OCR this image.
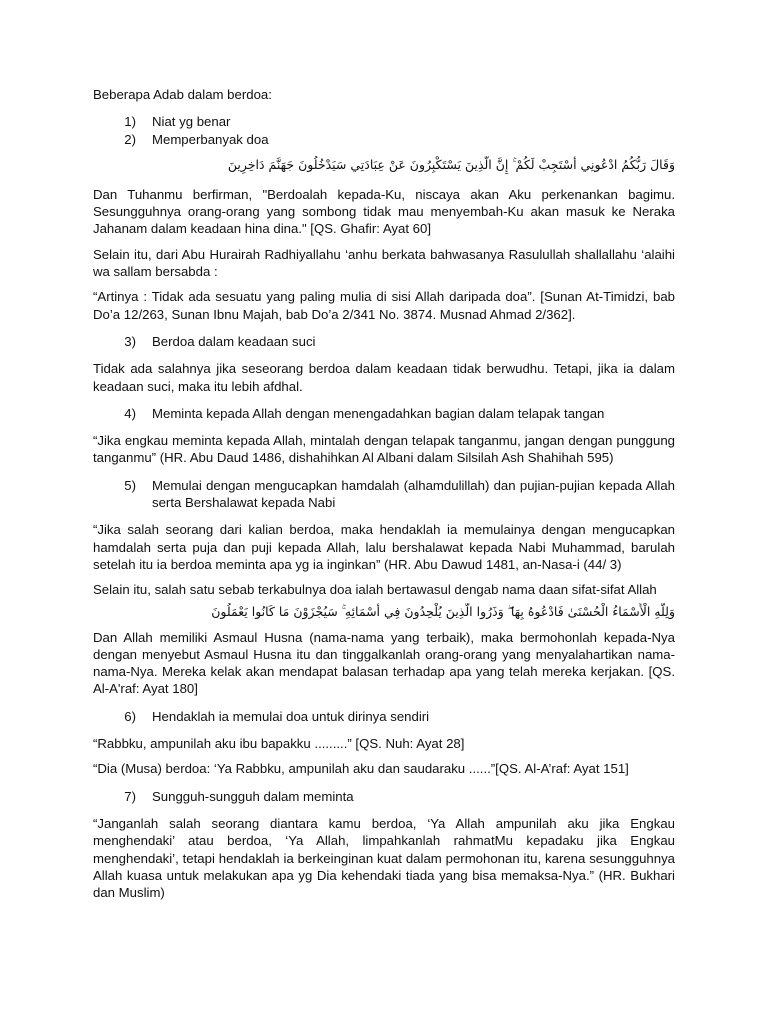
Beberapa Adab dalam berdoa:

1) Niat yg benar
2) Memperbanyak doa

وَقَالَ رَبُّكُمُ ادْعُونِي أَسْتَجِبْ لَكُمْ ۚ إِنَّ الَّذِينَ يَسْتَكْبِرُونَ عَنْ عِبَادَتِي سَيَدْخُلُونَ جَهَنَّمَ دَاخِرِينَ

Dan Tuhanmu berfirman, "Berdoalah kepada-Ku, niscaya akan Aku perkenankan bagimu. Sesungguhnya orang-orang yang sombong tidak mau menyembah-Ku akan masuk ke Neraka Jahanam dalam keadaan hina dina." [QS. Ghafir: Ayat 60]

Selain itu, dari Abu Hurairah Radhiyallahu ‘anhu berkata bahwasanya Rasulullah shallallahu ‘alaihi wa sallam bersabda :

“Artinya : Tidak ada sesuatu yang paling mulia di sisi Allah daripada doa”. [Sunan At-Timidzi, bab Do’a 12/263, Sunan Ibnu Majah, bab Do’a 2/341 No. 3874. Musnad Ahmad 2/362].

3) Berdoa dalam keadaan suci

Tidak ada salahnya jika seseorang berdoa dalam keadaan tidak berwudhu. Tetapi, jika ia dalam keadaan suci, maka itu lebih afdhal.

4) Meminta kepada Allah dengan menengadahkan bagian dalam telapak tangan

“Jika engkau meminta kepada Allah, mintalah dengan telapak tanganmu, jangan dengan punggung tanganmu” (HR. Abu Daud 1486, dishahihkan Al Albani dalam Silsilah Ash Shahihah 595)

5) Memulai dengan mengucapkan hamdalah (alhamdulillah) dan pujian-pujian kepada Allah serta Bershalawat kepada Nabi

“Jika salah seorang dari kalian berdoa, maka hendaklah ia memulainya dengan mengucapkan hamdalah serta puja dan puji kepada Allah, lalu bershalawat kepada Nabi Muhammad, barulah setelah itu ia berdoa meminta apa yg ia inginkan” (HR. Abu Dawud 1481, an-Nasa-i (44/ 3)

Selain itu, salah satu sebab terkabulnya doa ialah bertawasul dengab nama daan sifat-sifat Allah

وَلِلَّهِ الْأَسْمَاءُ الْحُسْنَىٰ فَادْعُوهُ بِهَا ۖ وَذَرُوا الَّذِينَ يُلْحِدُونَ فِي أَسْمَائِهِ ۚ سَيُجْزَوْنَ مَا كَانُوا يَعْمَلُونَ

Dan Allah memiliki Asmaul Husna (nama-nama yang terbaik), maka bermohonlah kepada-Nya dengan menyebut Asmaul Husna itu dan tinggalkanlah orang-orang yang menyalahartikan nama-nama-Nya. Mereka kelak akan mendapat balasan terhadap apa yang telah mereka kerjakan. [QS. Al-A'raf: Ayat 180]

6) Hendaklah ia memulai doa untuk dirinya sendiri

“Rabbku, ampunilah aku ibu bapakku .........” [QS. Nuh: Ayat 28]

“Dia (Musa) berdoa: ‘Ya Rabbku, ampunilah aku dan saudaraku ......”[QS. Al-A’raf: Ayat 151]

7) Sungguh-sungguh dalam meminta

“Janganlah salah seorang diantara kamu berdoa, ‘Ya Allah ampunilah aku jika Engkau menghendaki’ atau berdoa, ‘Ya Allah, limpahkanlah rahmatMu kepadaku jika Engkau menghendaki’, tetapi hendaklah ia berkeinginan kuat dalam permohonan itu, karena sesungguhnya Allah kuasa untuk melakukan apa yg Dia kehendaki tiada yang bisa memaksa-Nya.” (HR. Bukhari dan Muslim)
